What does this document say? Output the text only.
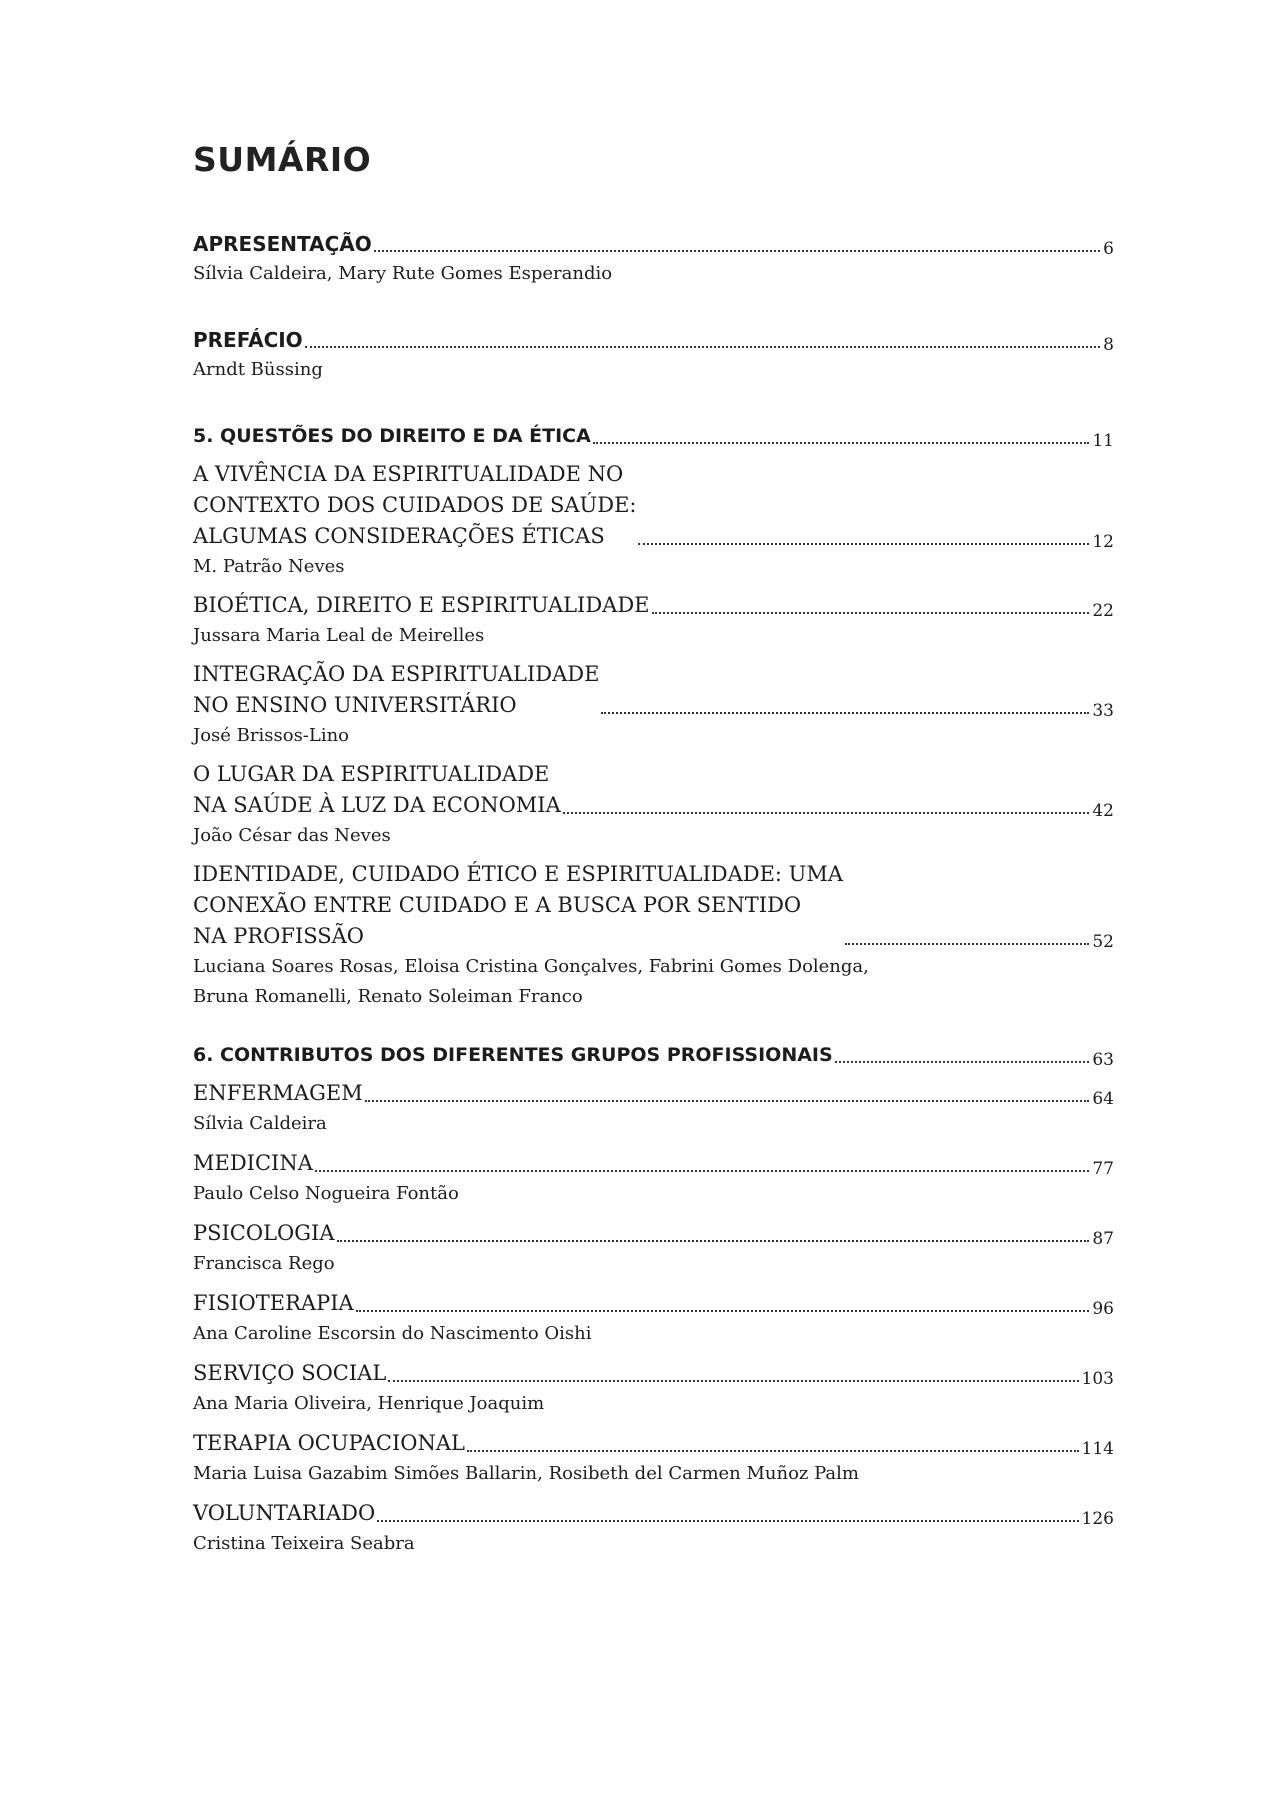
SUMÁRIO
APRESENTAÇÃO	6
Sílvia Caldeira, Mary Rute Gomes Esperandio
PREFÁCIO	8
Arndt Büssing
5. QUESTÕES DO DIREITO E DA ÉTICA	11
A VIVÊNCIA DA ESPIRITUALIDADE NO
CONTEXTO DOS CUIDADOS DE SAÚDE:
ALGUMAS CONSIDERAÇÕES ÉTICAS	12
M. Patrão Neves
BIOÉTICA, DIREITO E ESPIRITUALIDADE	22
Jussara Maria Leal de Meirelles
INTEGRAÇÃO DA ESPIRITUALIDADE
NO ENSINO UNIVERSITÁRIO	33
José Brissos-Lino
O LUGAR DA ESPIRITUALIDADE
NA SAÚDE À LUZ DA ECONOMIA	42
João César das Neves
IDENTIDADE, CUIDADO ÉTICO E ESPIRITUALIDADE: UMA
CONEXÃO ENTRE CUIDADO E A BUSCA POR SENTIDO
NA PROFISSÃO	52
Luciana Soares Rosas, Eloisa Cristina Gonçalves, Fabrini Gomes Dolenga,
Bruna Romanelli, Renato Soleiman Franco
6. CONTRIBUTOS DOS DIFERENTES GRUPOS PROFISSIONAIS	63
ENFERMAGEM	64
Sílvia Caldeira
MEDICINA	77
Paulo Celso Nogueira Fontão
PSICOLOGIA	87
Francisca Rego
FISIOTERAPIA	96
Ana Caroline Escorsin do Nascimento Oishi
SERVIÇO SOCIAL	103
Ana Maria Oliveira, Henrique Joaquim
TERAPIA OCUPACIONAL	114
Maria Luisa Gazabim Simões Ballarin, Rosibeth del Carmen Muñoz Palm
VOLUNTARIADO	126
Cristina Teixeira Seabra
